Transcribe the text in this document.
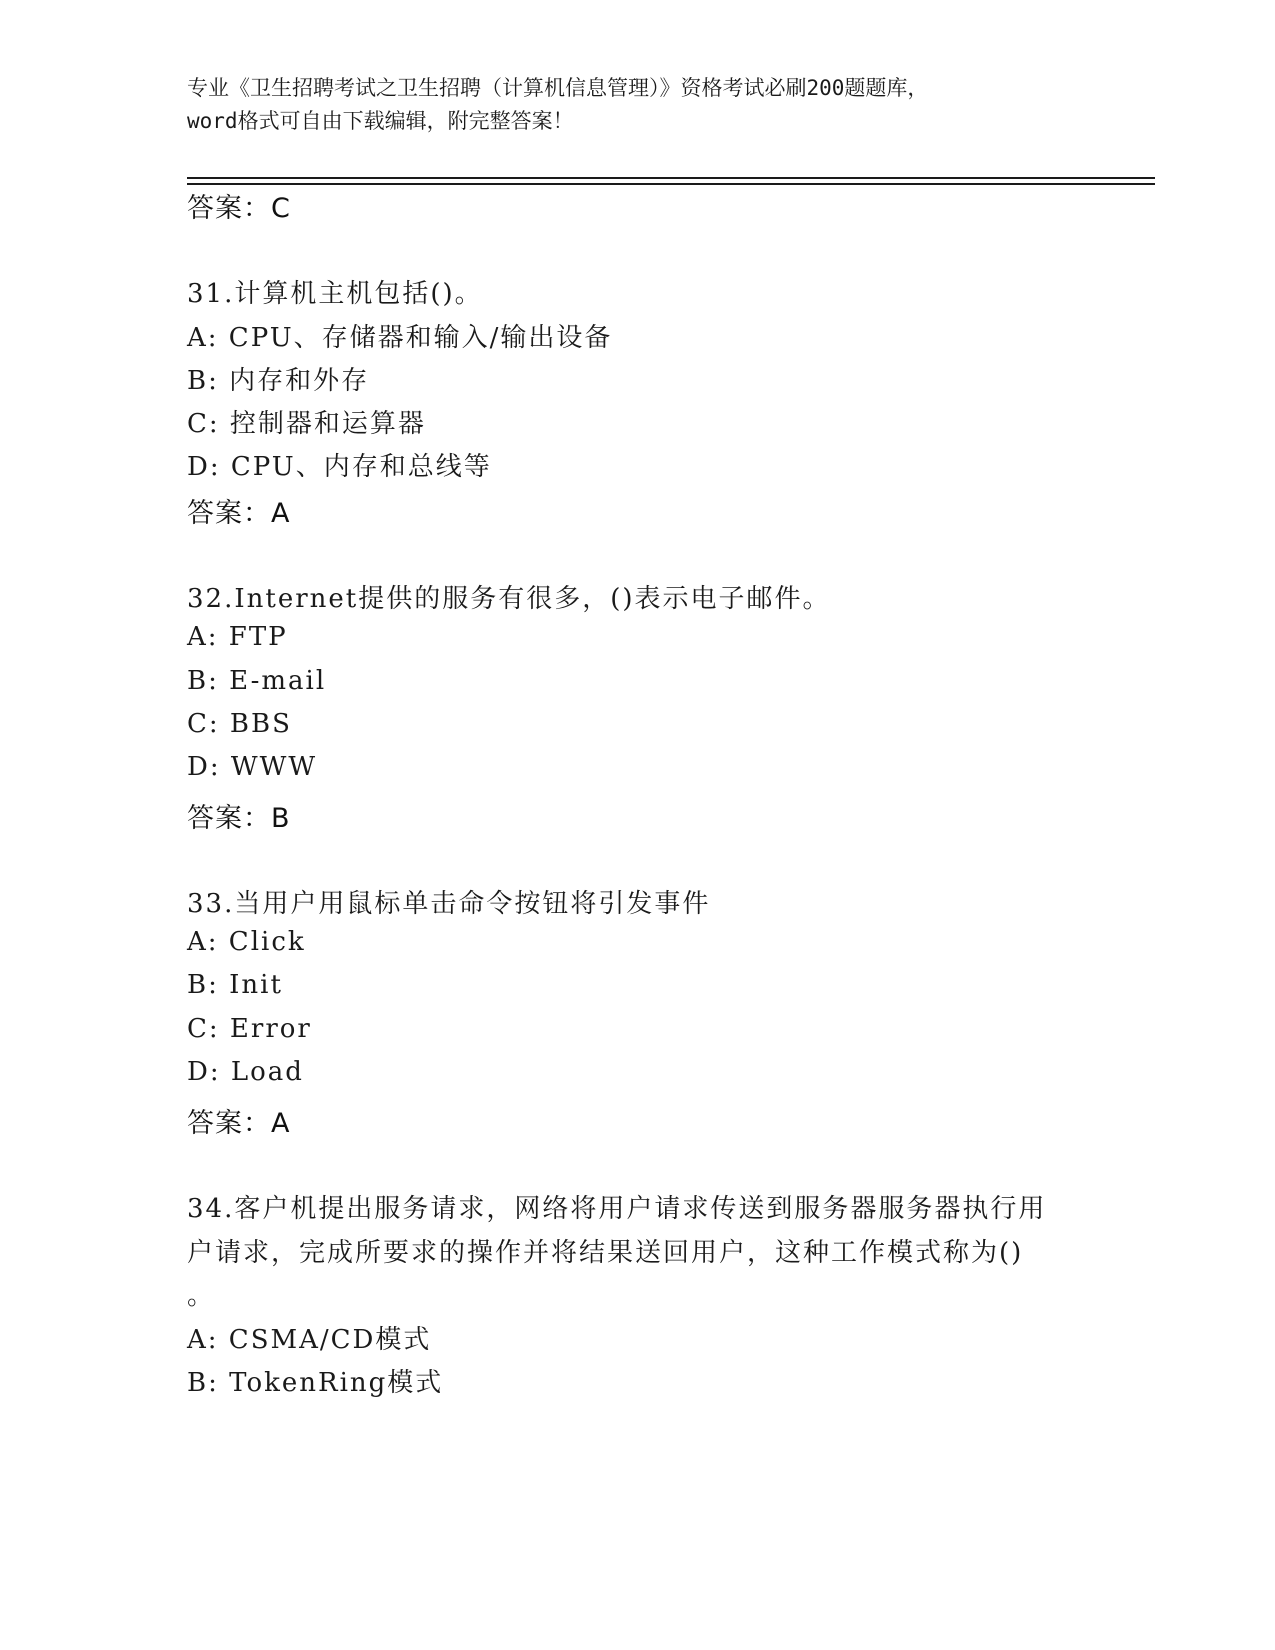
专业《卫生招聘考试之卫生招聘（计算机信息管理）》资格考试必刷200题题库，
word格式可自由下载编辑，附完整答案！
答案：C
31.计算机主机包括()。
A: CPU、存储器和输入/输出设备
B: 内存和外存
C: 控制器和运算器
D: CPU、内存和总线等
答案：A
32.Internet提供的服务有很多，()表示电子邮件。
A: FTP
B: E-mail
C: BBS
D: WWW
答案：B
33.当用户用鼠标单击命令按钮将引发事件
A: Click
B: Init
C: Error
D: Load
答案：A
34.客户机提出服务请求，网络将用户请求传送到服务器服务器执行用
户请求，完成所要求的操作并将结果送回用户，这种工作模式称为()
。
A: CSMA/CD模式
B: TokenRing模式
